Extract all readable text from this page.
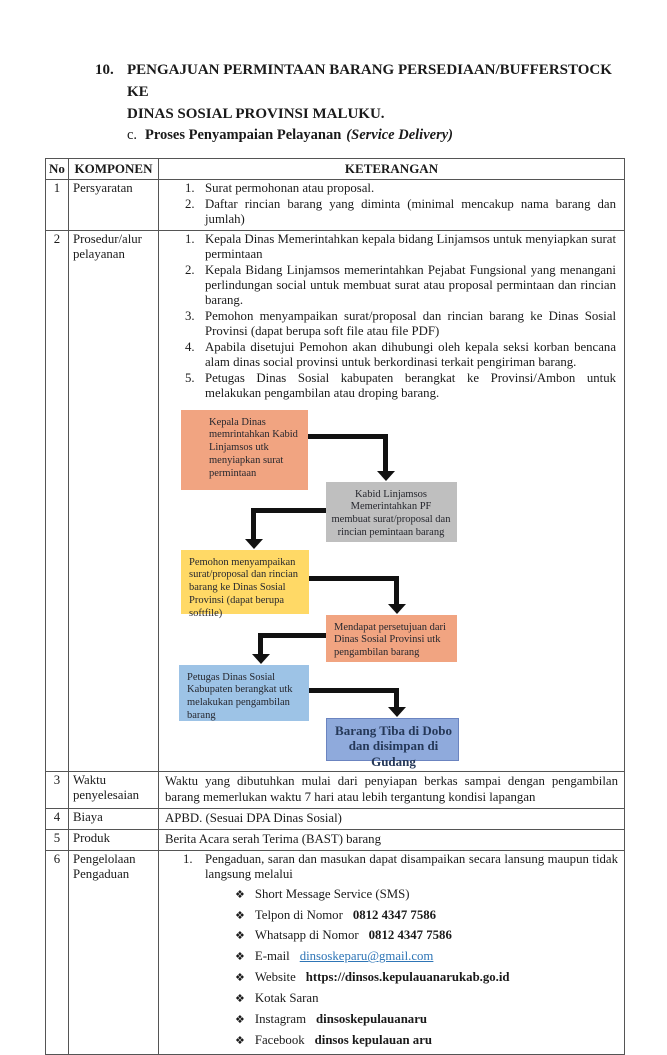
10. PENGAJUAN PERMINTAAN BARANG PERSEDIAAN/BUFFERSTOCK KE
DINAS SOSIAL PROVINSI MALUKU.
c. Proses Penyampaian Pelayanan (Service Delivery)
No	KOMPONEN	KETERANGAN
1	Persyaratan	1. Surat permohonan atau proposal.
2. Daftar rincian barang yang diminta (minimal mencakup nama barang dan jumlah)

2	Prosedur/alur pelayanan	
1. Kepala Dinas Memerintahkan kepala bidang Linjamsos untuk menyiapkan surat permintaan
2. Kepala Bidang Linjamsos memerintahkan Pejabat Fungsional yang menangani perlindungan social untuk membuat surat atau proposal permintaan dan rincian barang.
3. Pemohon menyampaikan surat/proposal dan rincian barang ke Dinas Sosial Provinsi (dapat berupa soft file atau file PDF)
4. Apabila disetujui Pemohon akan dihubungi oleh kepala seksi korban bencana alam dinas social provinsi untuk berkordinasi terkait pengiriman barang.
5. Petugas Dinas Sosial kabupaten berangkat ke Provinsi/Ambon untuk melakukan pengambilan atau droping barang.
Kepala Dinas memrintahkan Kabid Linjamsos utk menyiapkan surat permintaan
Kabid Linjamsos Memerintahkan PF membuat surat/proposal dan rincian pemintaan barang
Pemohon menyampaikan surat/proposal dan rincian barang ke Dinas Sosial Provinsi (dapat berupa softfile)
Mendapat persetujuan dari Dinas Sosial Provinsi utk pengambilan barang
Petugas Dinas Sosial Kabupaten berangkat utk melakukan pengambilan barang
Barang Tiba di Dobo dan disimpan di Gudang

3	Waktu penyelesaian	Waktu yang dibutuhkan mulai dari penyiapan berkas sampai dengan pengambilan barang memerlukan waktu 7 hari atau lebih tergantung kondisi lapangan

4	Biaya	APBD. (Sesuai DPA Dinas Sosial)

5	Produk	Berita Acara serah Terima (BAST) barang

6	Pengelolaan Pengaduan	
1. Pengaduan, saran dan masukan dapat disampaikan secara lansung maupun tidak langsung melalui
❖ Short Message Service (SMS)
❖ Telpon di Nomor 0812 4347 7586
❖ Whatsapp di Nomor 0812 4347 7586
❖ E-mail dinsoskeparu@gmail.com
❖ Website https://dinsos.kepulauanarukab.go.id
❖ Kotak Saran
❖ Instagram dinsoskepulauanaru
❖ Facebook dinsos kepulauan aru
